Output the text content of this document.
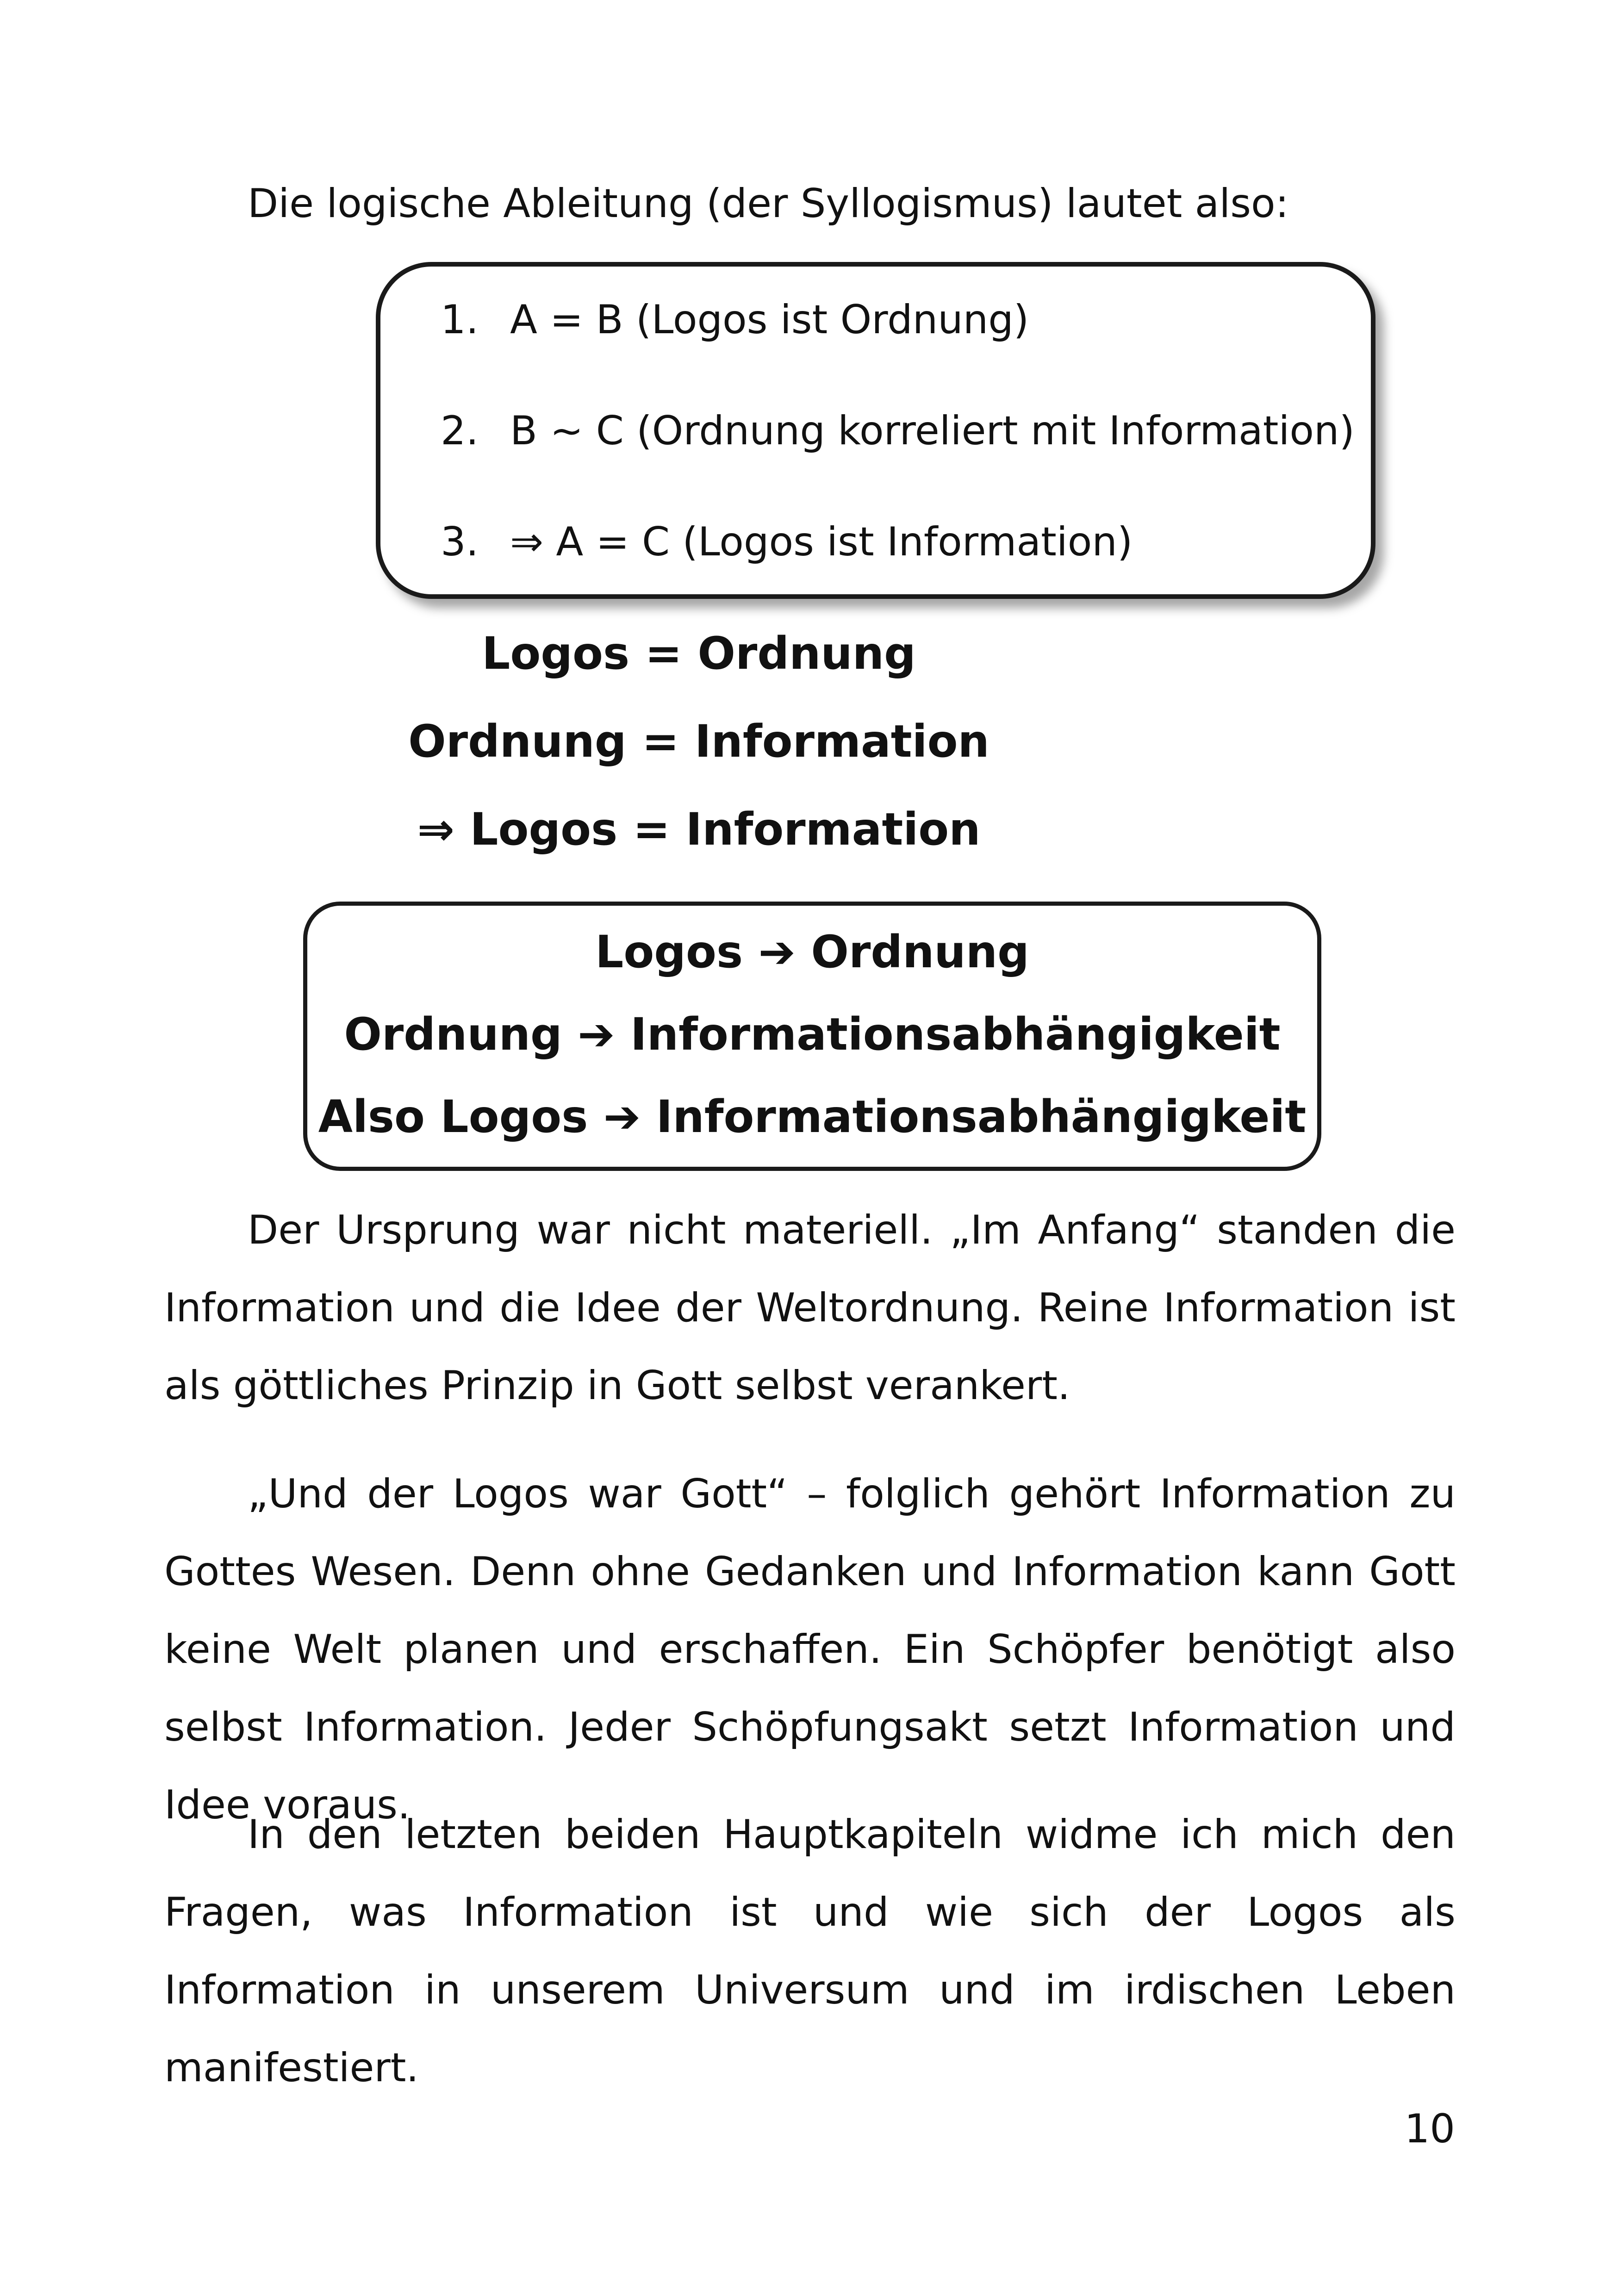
Die logische Ableitung (der Syllogismus) lautet also:

1. A = B (Logos ist Ordnung)
2. B ~ C (Ordnung korreliert mit Information)
3. ⇒ A = C (Logos ist Information)

Logos = Ordnung

Ordnung = Information

⇒ Logos = Information

Logos ➔ Ordnung
Ordnung ➔ Informationsabhängigkeit
Also Logos ➔ Informationsabhängigkeit

Der Ursprung war nicht materiell. „Im Anfang“ standen die Information und die Idee der Weltordnung. Reine Information ist als göttliches Prinzip in Gott selbst verankert.

„Und der Logos war Gott“ – folglich gehört Information zu Gottes Wesen. Denn ohne Gedanken und Information kann Gott keine Welt planen und erschaffen. Ein Schöpfer benötigt also selbst Information. Jeder Schöpfungsakt setzt Information und Idee voraus.

In den letzten beiden Hauptkapiteln widme ich mich den Fragen, was Information ist und wie sich der Logos als Information in unserem Universum und im irdischen Leben manifestiert.

10
